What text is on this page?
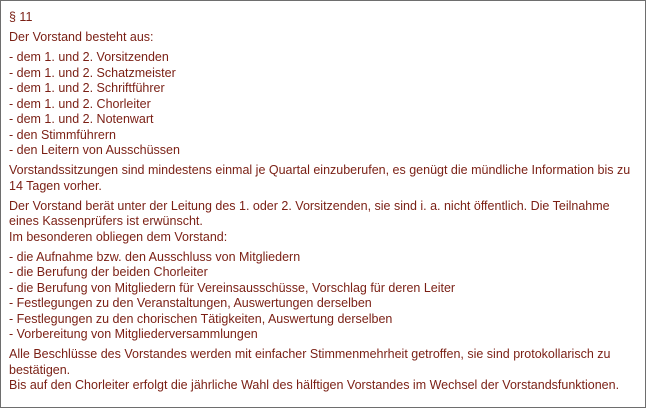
§ 11

Der Vorstand besteht aus:

- dem 1. und 2. Vorsitzenden
- dem 1. und 2. Schatzmeister
- dem 1. und 2. Schriftführer
- dem 1. und 2. Chorleiter
- dem 1. und 2. Notenwart
- den Stimmführern
- den Leitern von Ausschüssen

Vorstandssitzungen sind mindestens einmal je Quartal einzuberufen, es genügt die mündliche Information bis zu 14 Tagen vorher.

Der Vorstand berät unter der Leitung des 1. oder 2. Vorsitzenden, sie sind i. a. nicht öffentlich. Die Teilnahme eines Kassenprüfers ist erwünscht.

Im besonderen obliegen dem Vorstand:

- die Aufnahme bzw. den Ausschluss von Mitgliedern
- die Berufung der beiden Chorleiter
- die Berufung von Mitgliedern für Vereinsausschüsse, Vorschlag für deren Leiter
- Festlegungen zu den Veranstaltungen, Auswertungen derselben
- Festlegungen zu den chorischen Tätigkeiten, Auswertung derselben
- Vorbereitung von Mitgliederversammlungen

Alle Beschlüsse des Vorstandes werden mit einfacher Stimmenmehrheit getroffen, sie sind protokollarisch zu bestätigen.

Bis auf den Chorleiter erfolgt die jährliche Wahl des hälftigen Vorstandes im Wechsel der Vorstandsfunktionen.
